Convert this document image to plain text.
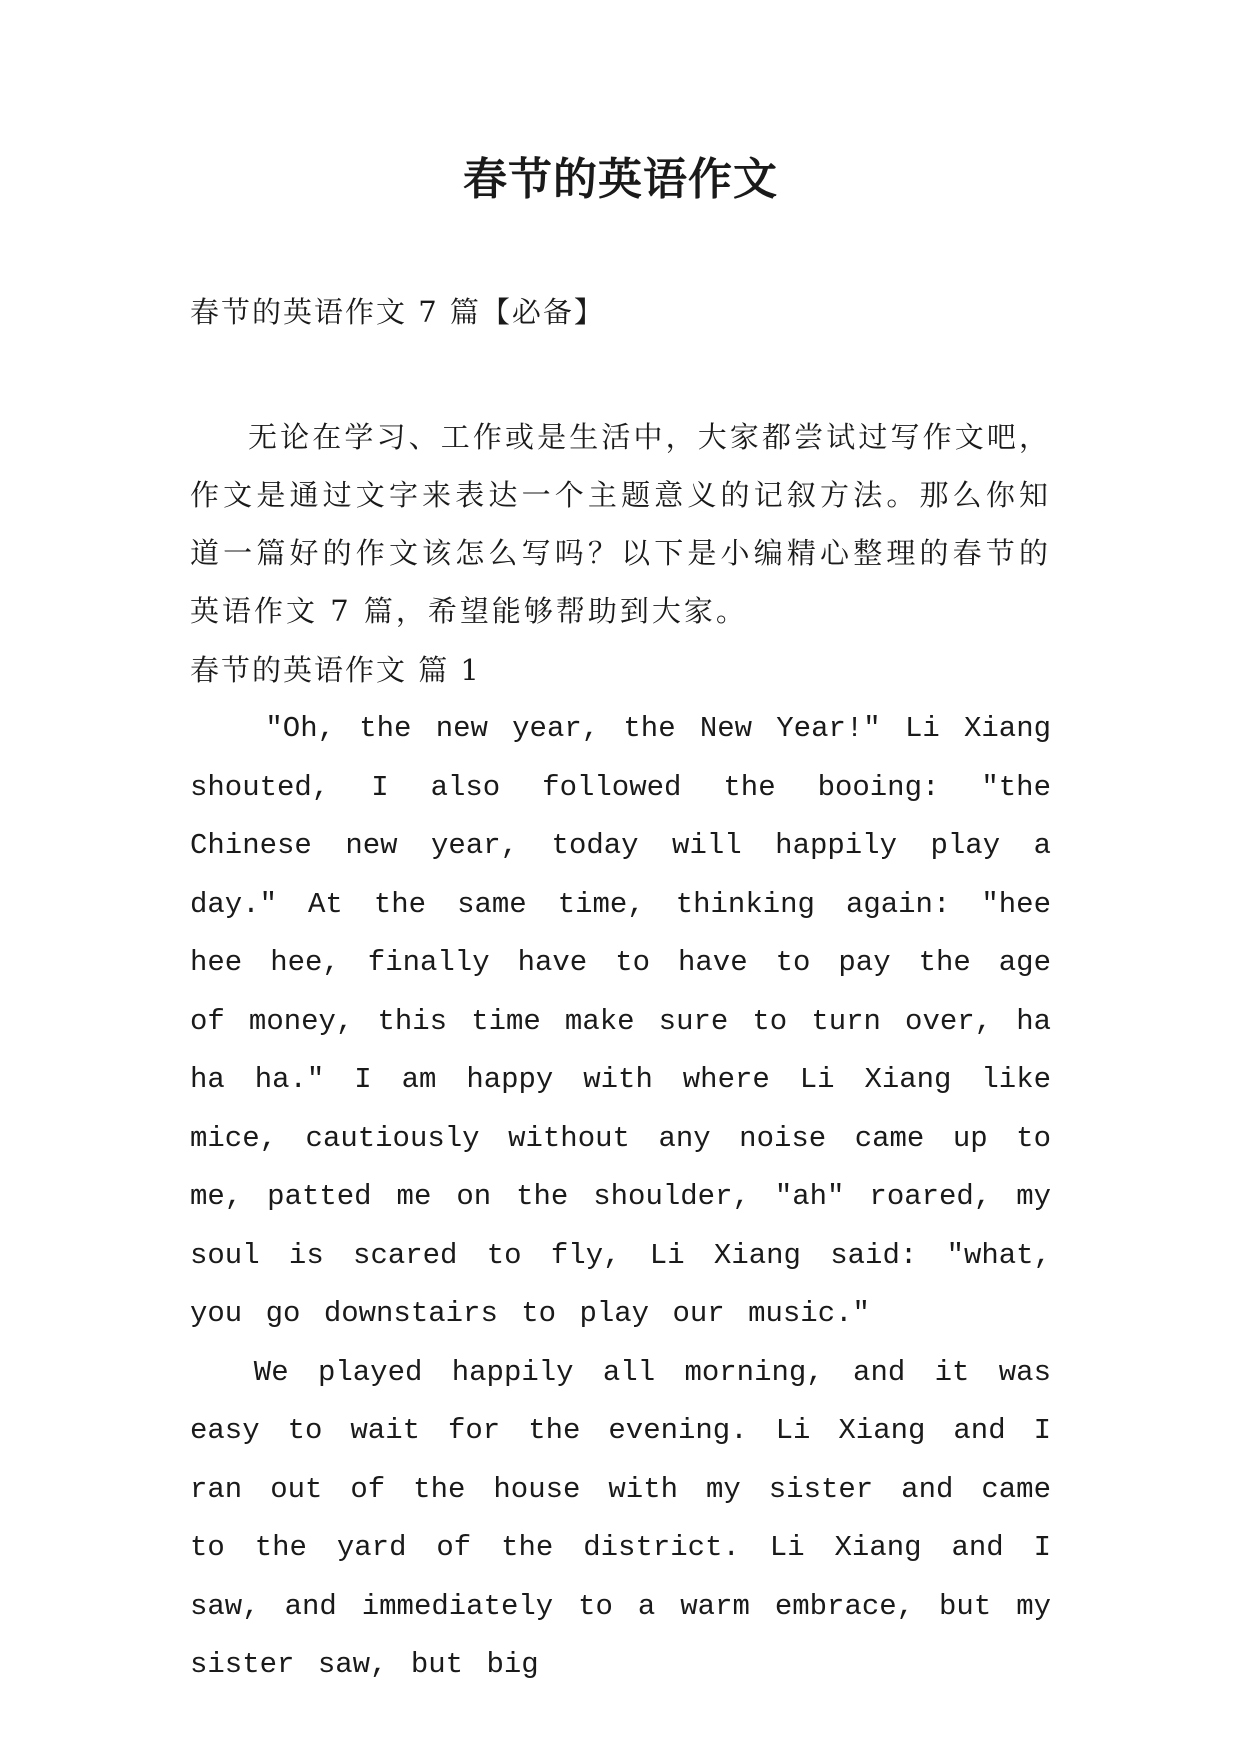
春节的英语作文

春节的英语作文 7 篇【必备】

无论在学习、工作或是生活中，大家都尝试过写作文吧，作文是通过文字来表达一个主题意义的记叙方法。那么你知道一篇好的作文该怎么写吗？以下是小编精心整理的春节的英语作文 7 篇，希望能够帮助到大家。

春节的英语作文 篇 1

"Oh, the new year, the New Year!" Li Xiang shouted, I also followed the booing: "the Chinese new year, today will happily play a day." At the same time, thinking again: "hee hee hee, finally have to have to pay the age of money, this time make sure to turn over, ha ha ha." I am happy with where Li Xiang like mice, cautiously without any noise came up to me, patted me on the shoulder, "ah" roared, my soul is scared to fly, Li Xiang said: "what, you go downstairs to play our music."

We played happily all morning, and it was easy to wait for the evening. Li Xiang and I ran out of the house with my sister and came to the yard of the district. Li Xiang and I saw, and immediately to a warm embrace, but my sister saw, but big
